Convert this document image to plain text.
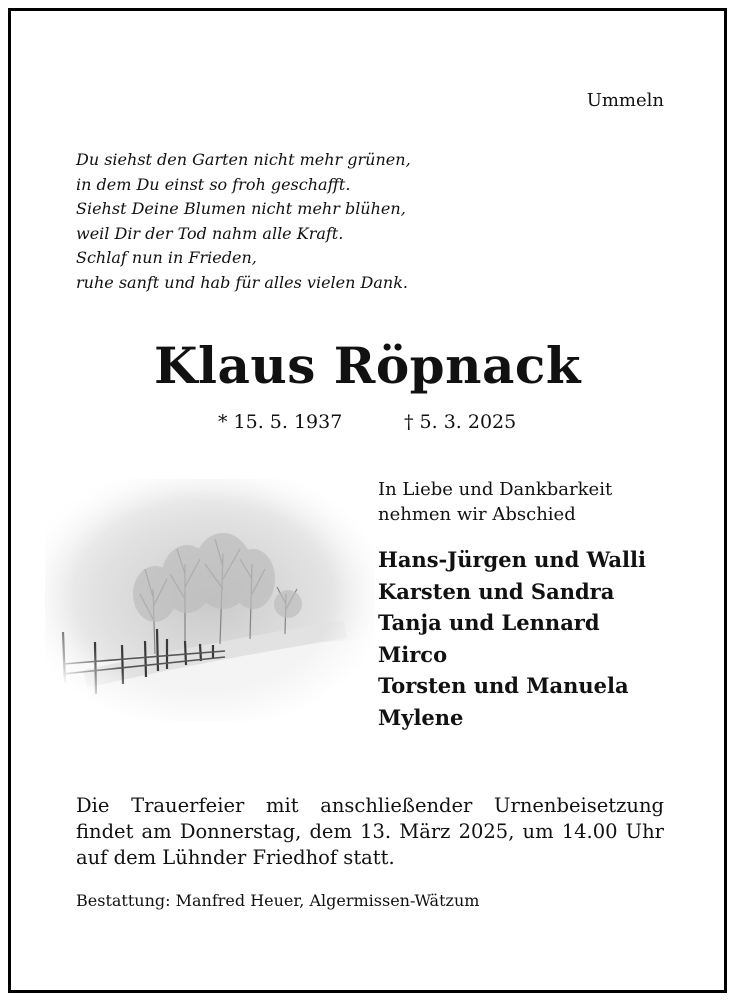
Ummeln
Du siehst den Garten nicht mehr grünen,
in dem Du einst so froh geschafft.
Siehst Deine Blumen nicht mehr blühen,
weil Dir der Tod nahm alle Kraft.
Schlaf nun in Frieden,
ruhe sanft und hab für alles vielen Dank.
Klaus Röpnack
* 15. 5. 1937	† 5. 3. 2025
In Liebe und Dankbarkeit
nehmen wir Abschied
Hans-Jürgen und Walli
Karsten und Sandra
Tanja und Lennard
Mirco
Torsten und Manuela
Mylene
Die Trauerfeier mit anschließender Urnenbeisetzung
findet am Donnerstag, dem 13. März 2025, um 14.00 Uhr
auf dem Lühnder Friedhof statt.
Bestattung: Manfred Heuer, Algermissen-Wätzum
